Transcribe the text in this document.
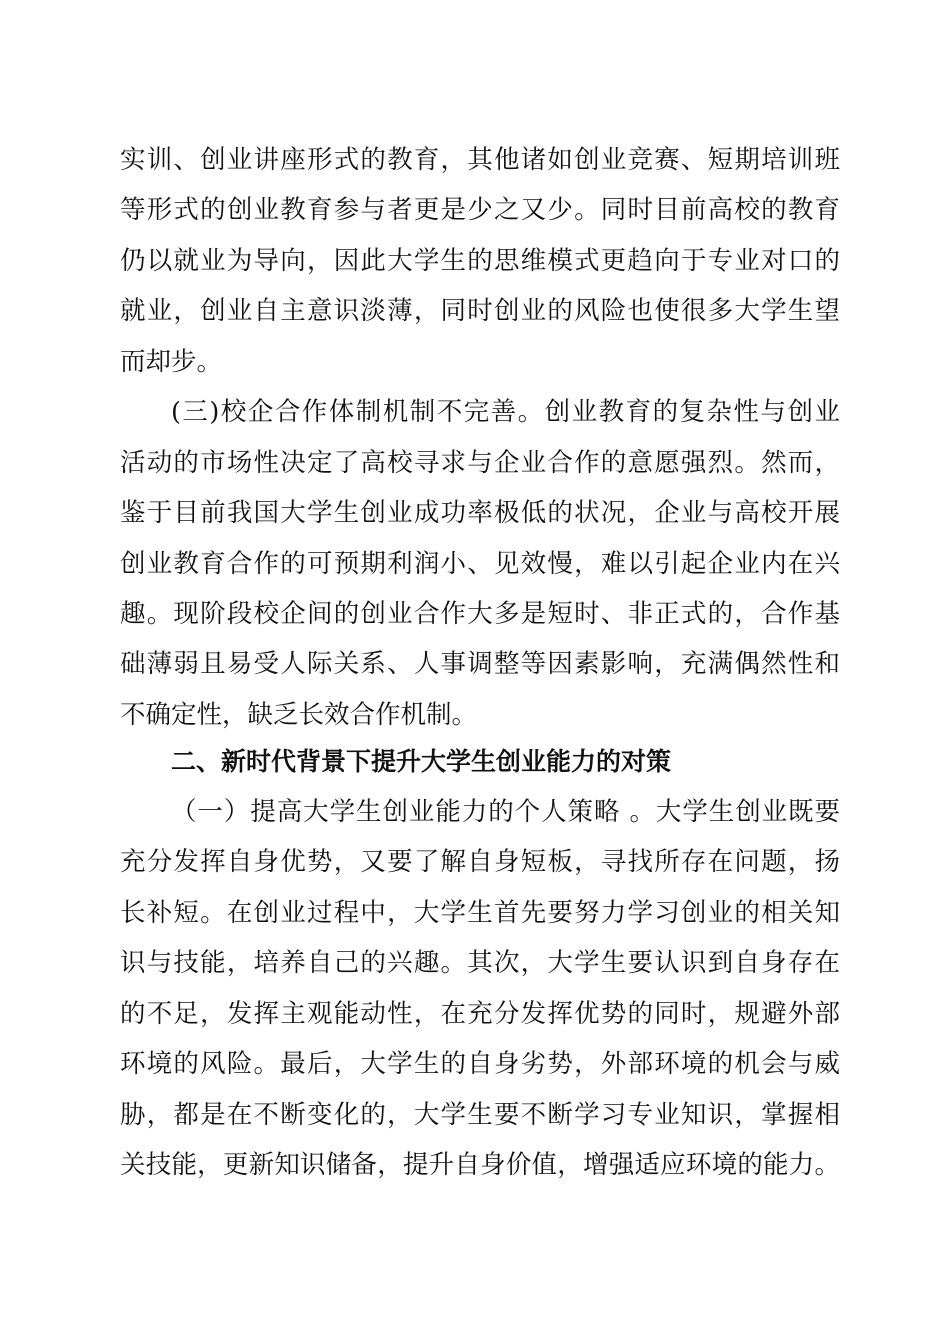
实训、创业讲座形式的教育，其他诸如创业竞赛、短期培训班
等形式的创业教育参与者更是少之又少。同时目前高校的教育
仍以就业为导向，因此大学生的思维模式更趋向于专业对口的
就业，创业自主意识淡薄，同时创业的风险也使很多大学生望
而却步。
(三)校企合作体制机制不完善。创业教育的复杂性与创业
活动的市场性决定了高校寻求与企业合作的意愿强烈。然而，
鉴于目前我国大学生创业成功率极低的状况，企业与高校开展
创业教育合作的可预期利润小、见效慢，难以引起企业内在兴
趣。现阶段校企间的创业合作大多是短时、非正式的，合作基
础薄弱且易受人际关系、人事调整等因素影响，充满偶然性和
不确定性，缺乏长效合作机制。
二、新时代背景下提升大学生创业能力的对策
（一）提高大学生创业能力的个人策略 。大学生创业既要
充分发挥自身优势，又要了解自身短板，寻找所存在问题，扬
长补短。在创业过程中，大学生首先要努力学习创业的相关知
识与技能，培养自己的兴趣。其次，大学生要认识到自身存在
的不足，发挥主观能动性，在充分发挥优势的同时，规避外部
环境的风险。最后，大学生的自身劣势，外部环境的机会与威
胁，都是在不断变化的，大学生要不断学习专业知识，掌握相
关技能，更新知识储备，提升自身价值，增强适应环境的能力。
